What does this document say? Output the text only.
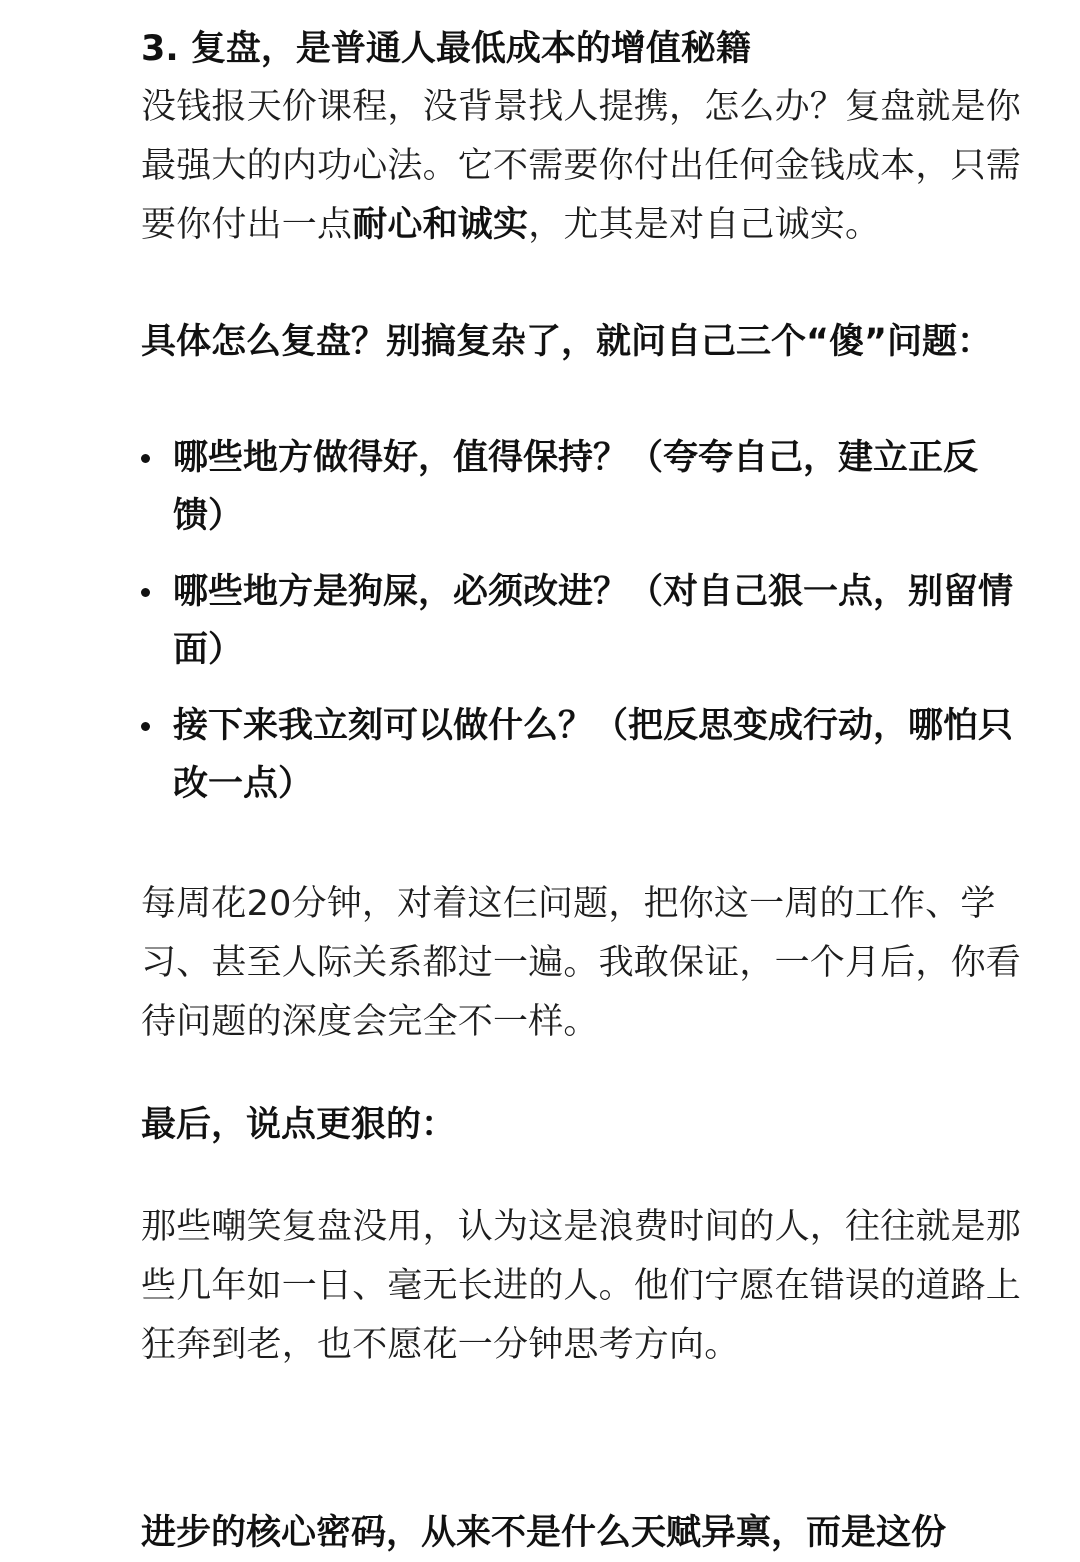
3. 复盘，是普通人最低成本的增值秘籍

没钱报天价课程，没背景找人提携，怎么办？复盘就是你最强大的内功心法。它不需要你付出任何金钱成本，只需要你付出一点耐心和诚实，尤其是对自己诚实。

具体怎么复盘？别搞复杂了，就问自己三个“傻”问题：

哪些地方做得好，值得保持？（夸夸自己，建立正反馈）
哪些地方是狗屎，必须改进？（对自己狠一点，别留情面）
接下来我立刻可以做什么？（把反思变成行动，哪怕只改一点）

每周花20分钟，对着这仨问题，把你这一周的工作、学习、甚至人际关系都过一遍。我敢保证，一个月后，你看待问题的深度会完全不一样。

最后，说点更狠的：

那些嘲笑复盘没用，认为这是浪费时间的人，往往就是那些几年如一日、毫无长进的人。他们宁愿在错误的道路上狂奔到老，也不愿花一分钟思考方向。

进步的核心密码，从来不是什么天赋异禀，而是这份
